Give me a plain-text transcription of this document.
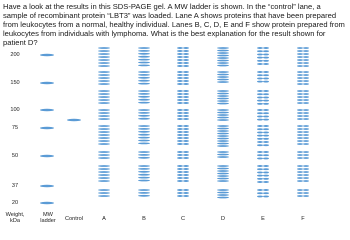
Have a look at the results in this SDS-PAGE gel. A MW ladder is shown. In the “control” lane, a sample of recombinant protein “LBT3” was loaded. Lane A shows proteins that have been prepared from leukocytes from a normal, healthy individual. Lanes B, C, D, E and F show protein prepared from leukocytes from individuals with lymphoma. What is the best explanation for the result shown for patient D?

200
150
100
75
50
37
20
Weight,
kDa
MW
ladder	Control	A	B	C	D	E	F
